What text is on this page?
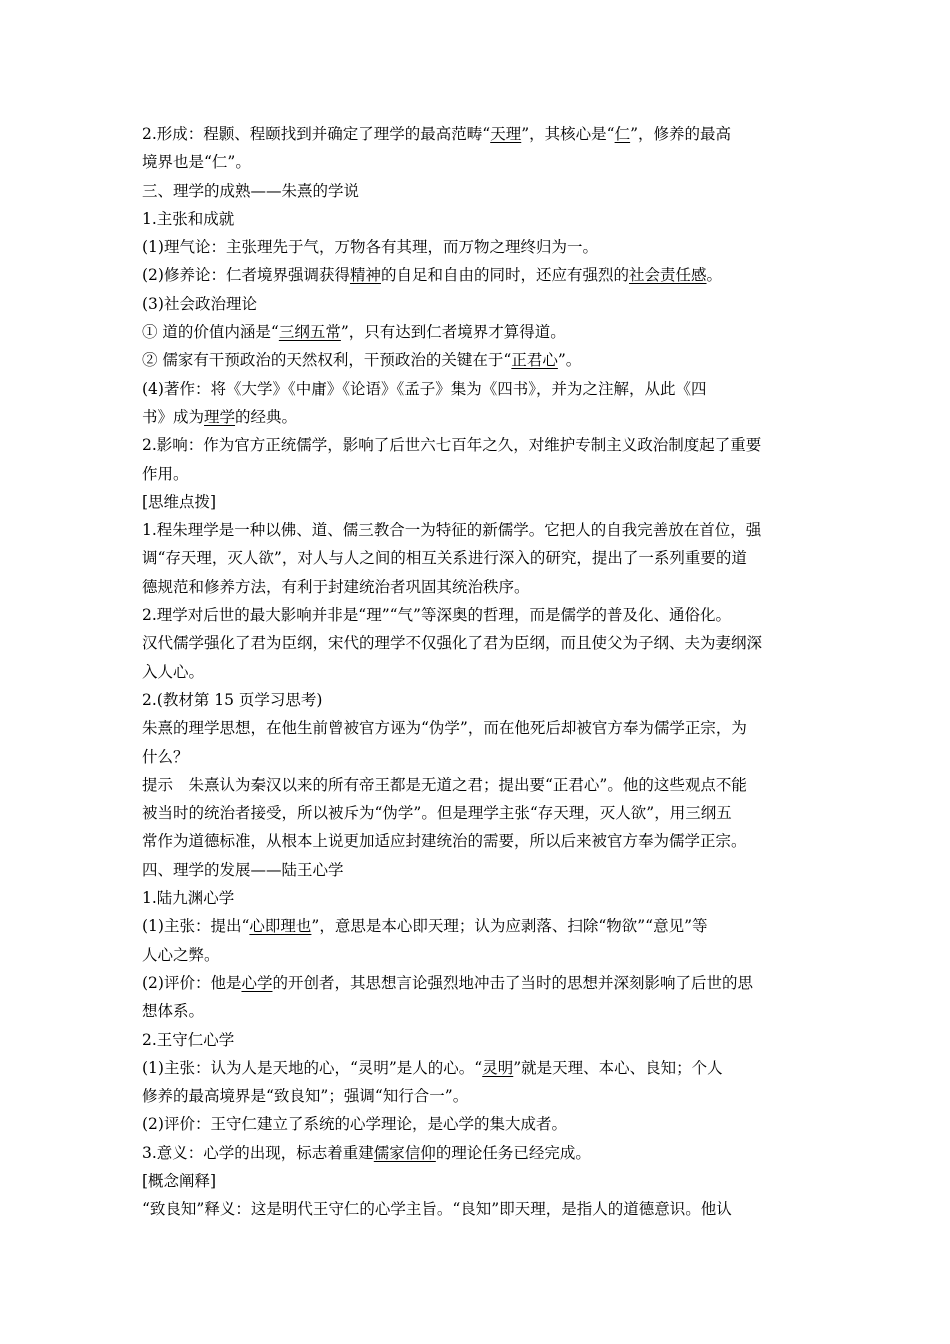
2.形成：程颢、程颐找到并确定了理学的最高范畴“天理”，其核心是“仁”，修养的最高
境界也是“仁”。
三、理学的成熟——朱熹的学说
1.主张和成就
(1)理气论：主张理先于气，万物各有其理，而万物之理终归为一。
(2)修养论：仁者境界强调获得精神的自足和自由的同时，还应有强烈的社会责任感。
(3)社会政治理论
① 道的价值内涵是“三纲五常”，只有达到仁者境界才算得道。
② 儒家有干预政治的天然权利，干预政治的关键在于“正君心”。
(4)著作：将《大学》《中庸》《论语》《孟子》集为《四书》，并为之注解，从此《四
书》成为理学的经典。
2.影响：作为官方正统儒学，影响了后世六七百年之久，对维护专制主义政治制度起了重要
作用。
[思维点拨]
1.程朱理学是一种以佛、道、儒三教合一为特征的新儒学。它把人的自我完善放在首位，强
调“存天理，灭人欲”，对人与人之间的相互关系进行深入的研究，提出了一系列重要的道
德规范和修养方法，有利于封建统治者巩固其统治秩序。
2.理学对后世的最大影响并非是“理”“气”等深奥的哲理，而是儒学的普及化、通俗化。
汉代儒学强化了君为臣纲，宋代的理学不仅强化了君为臣纲，而且使父为子纲、夫为妻纲深
入人心。
2.(教材第 15 页学习思考)
朱熹的理学思想，在他生前曾被官方诬为“伪学”，而在他死后却被官方奉为儒学正宗，为
什么？
提示　朱熹认为秦汉以来的所有帝王都是无道之君；提出要“正君心”。他的这些观点不能
被当时的统治者接受，所以被斥为“伪学”。但是理学主张“存天理，灭人欲”，用三纲五
常作为道德标准，从根本上说更加适应封建统治的需要，所以后来被官方奉为儒学正宗。
四、理学的发展——陆王心学
1.陆九渊心学
(1)主张：提出“心即理也”，意思是本心即天理；认为应剥落、扫除“物欲”“意见”等
人心之弊。
(2)评价：他是心学的开创者，其思想言论强烈地冲击了当时的思想并深刻影响了后世的思
想体系。
2.王守仁心学
(1)主张：认为人是天地的心，“灵明”是人的心。“灵明”就是天理、本心、良知；个人
修养的最高境界是“致良知”；强调“知行合一”。
(2)评价：王守仁建立了系统的心学理论，是心学的集大成者。
3.意义：心学的出现，标志着重建儒家信仰的理论任务已经完成。
[概念阐释]
“致良知”释义：这是明代王守仁的心学主旨。“良知”即天理，是指人的道德意识。他认
